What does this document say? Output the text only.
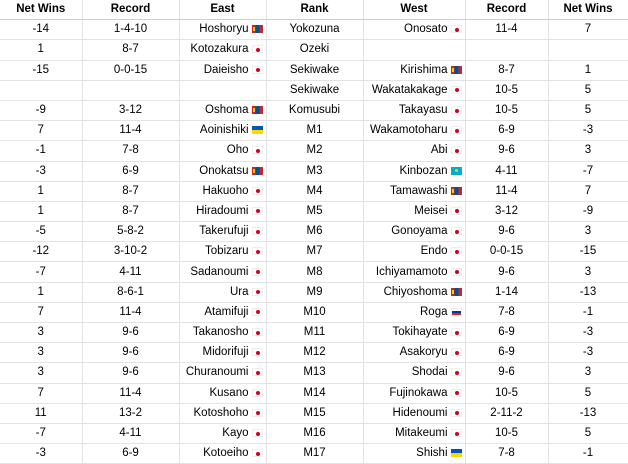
Net Wins	Record	East	Rank	West	Record	Net Wins
-14	1-4-10	Hoshoryu	Yokozuna	Onosato	11-4	7
1	8-7	Kotozakura	Ozeki			
-15	0-0-15	Daieisho	Sekiwake	Kirishima	8-7	1
			Sekiwake	Wakatakakage	10-5	5
-9	3-12	Oshoma	Komusubi	Takayasu	10-5	5
7	11-4	Aoinishiki	M1	Wakamotoharu	6-9	-3
-1	7-8	Oho	M2	Abi	9-6	3
-3	6-9	Onokatsu	M3	Kinbozan	4-11	-7
1	8-7	Hakuoho	M4	Tamawashi	11-4	7
1	8-7	Hiradoumi	M5	Meisei	3-12	-9
-5	5-8-2	Takerufuji	M6	Gonoyama	9-6	3
-12	3-10-2	Tobizaru	M7	Endo	0-0-15	-15
-7	4-11	Sadanoumi	M8	Ichiyamamoto	9-6	3
1	8-6-1	Ura	M9	Chiyoshoma	1-14	-13
7	11-4	Atamifuji	M10	Roga	7-8	-1
3	9-6	Takanosho	M11	Tokihayate	6-9	-3
3	9-6	Midorifuji	M12	Asakoryu	6-9	-3
3	9-6	Churanoumi	M13	Shodai	9-6	3
7	11-4	Kusano	M14	Fujinokawa	10-5	5
11	13-2	Kotoshoho	M15	Hidenoumi	2-11-2	-13
-7	4-11	Kayo	M16	Mitakeumi	10-5	5
-3	6-9	Kotoeiho	M17	Shishi	7-8	-1
